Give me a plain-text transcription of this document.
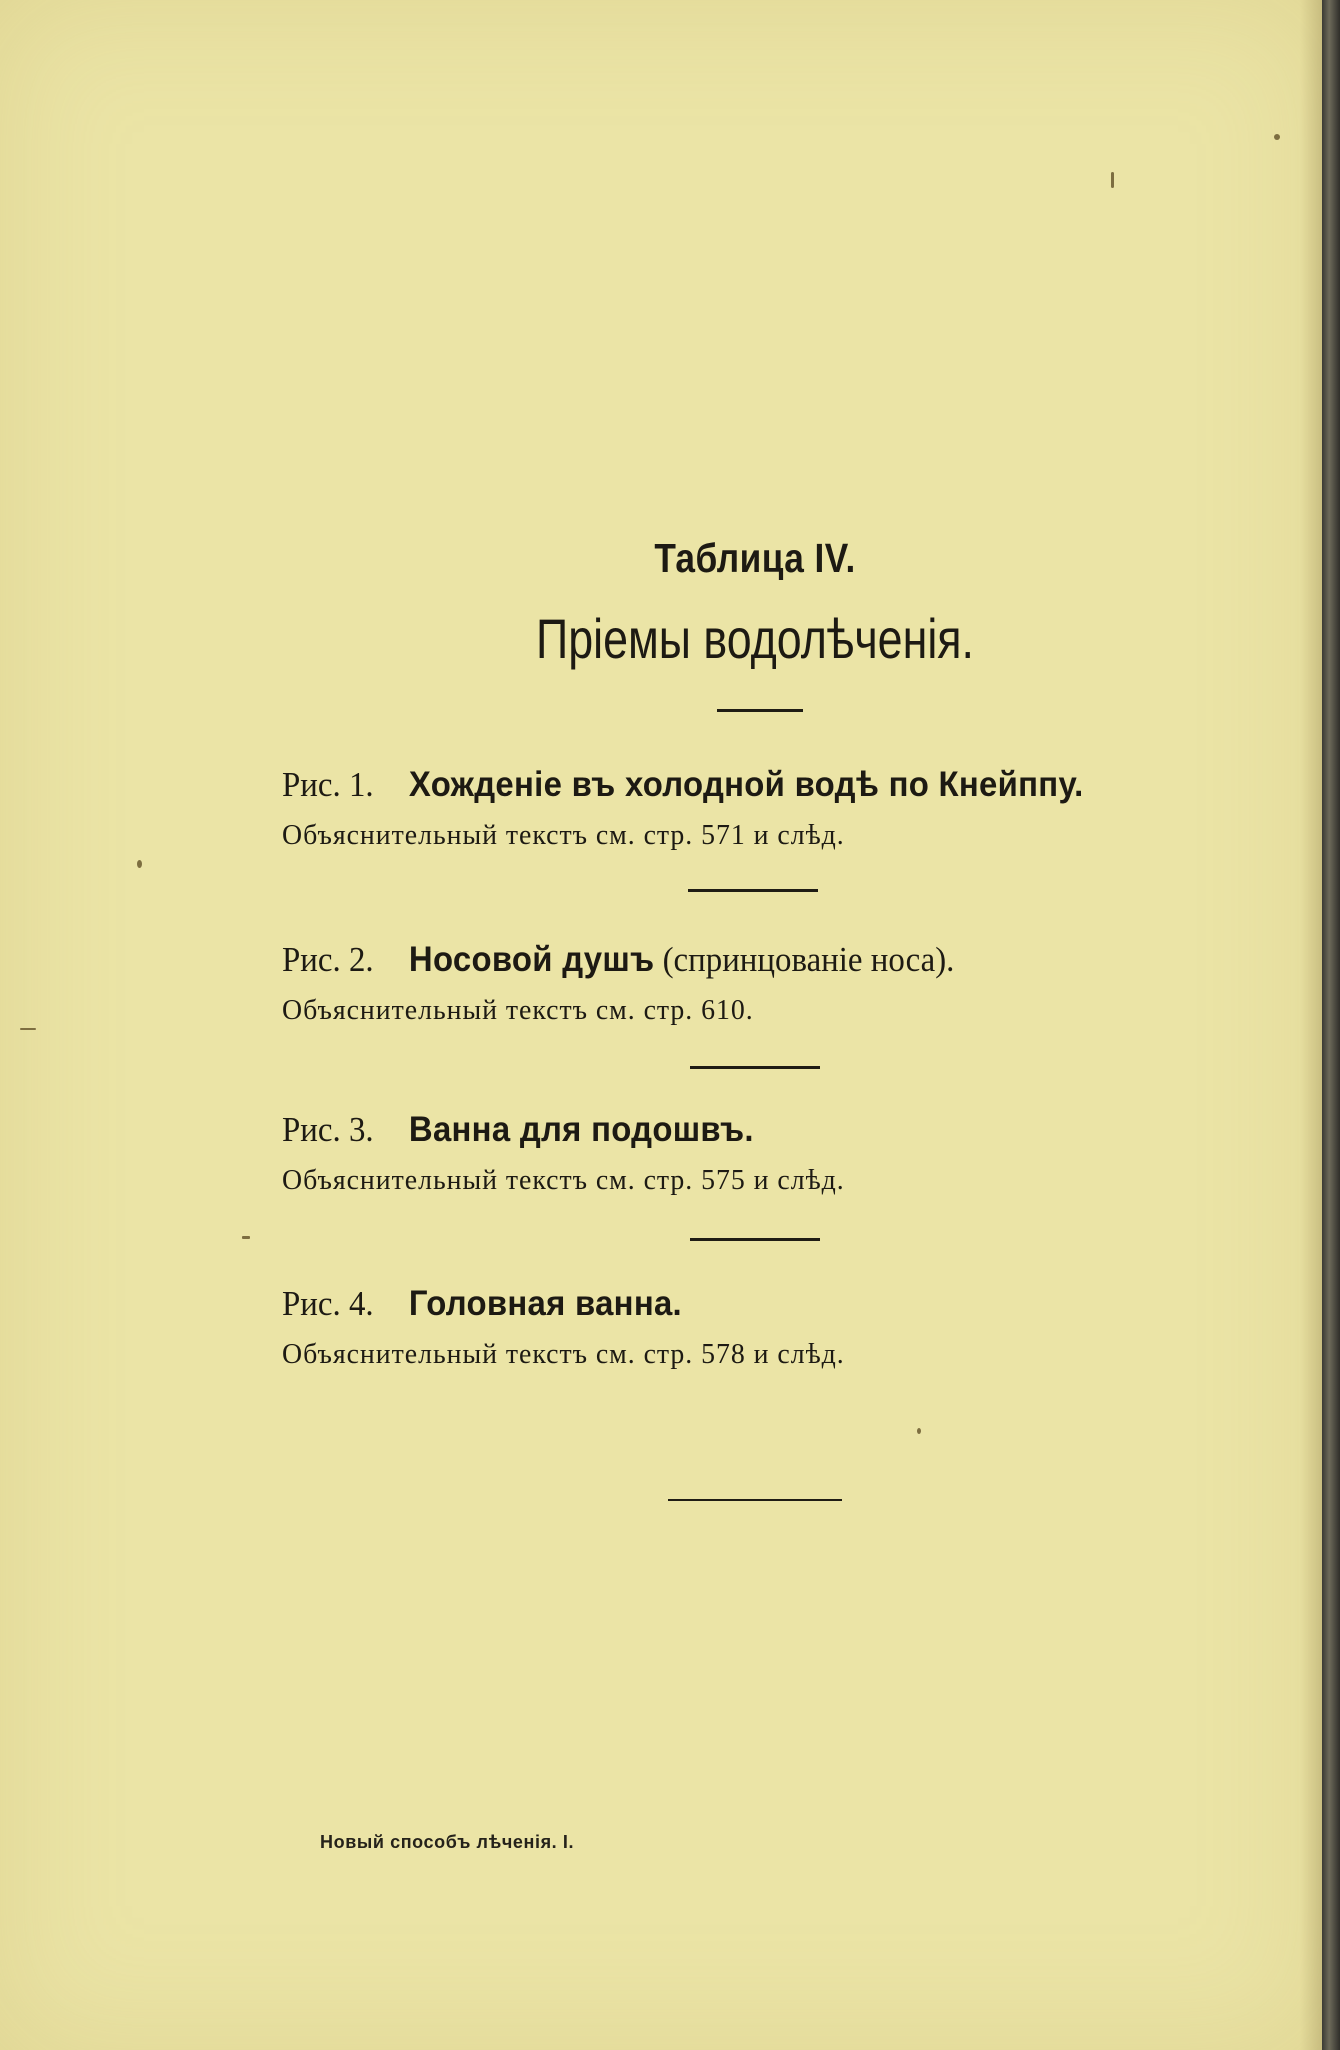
Таблица IV.
Пріемы водолѣченія.
Рис. 1. Хожденіе въ холодной водѣ по Кнейппу.
Объяснительный текстъ см. стр. 571 и слѣд.
Рис. 2. Носовой душъ (спринцованіе носа).
Объяснительный текстъ см. стр. 610.
Рис. 3. Ванна для подошвъ.
Объяснительный текстъ см. стр. 575 и слѣд.
Рис. 4. Головная ванна.
Объяснительный текстъ см. стр. 578 и слѣд.
Новый способъ лѣченія. I.
